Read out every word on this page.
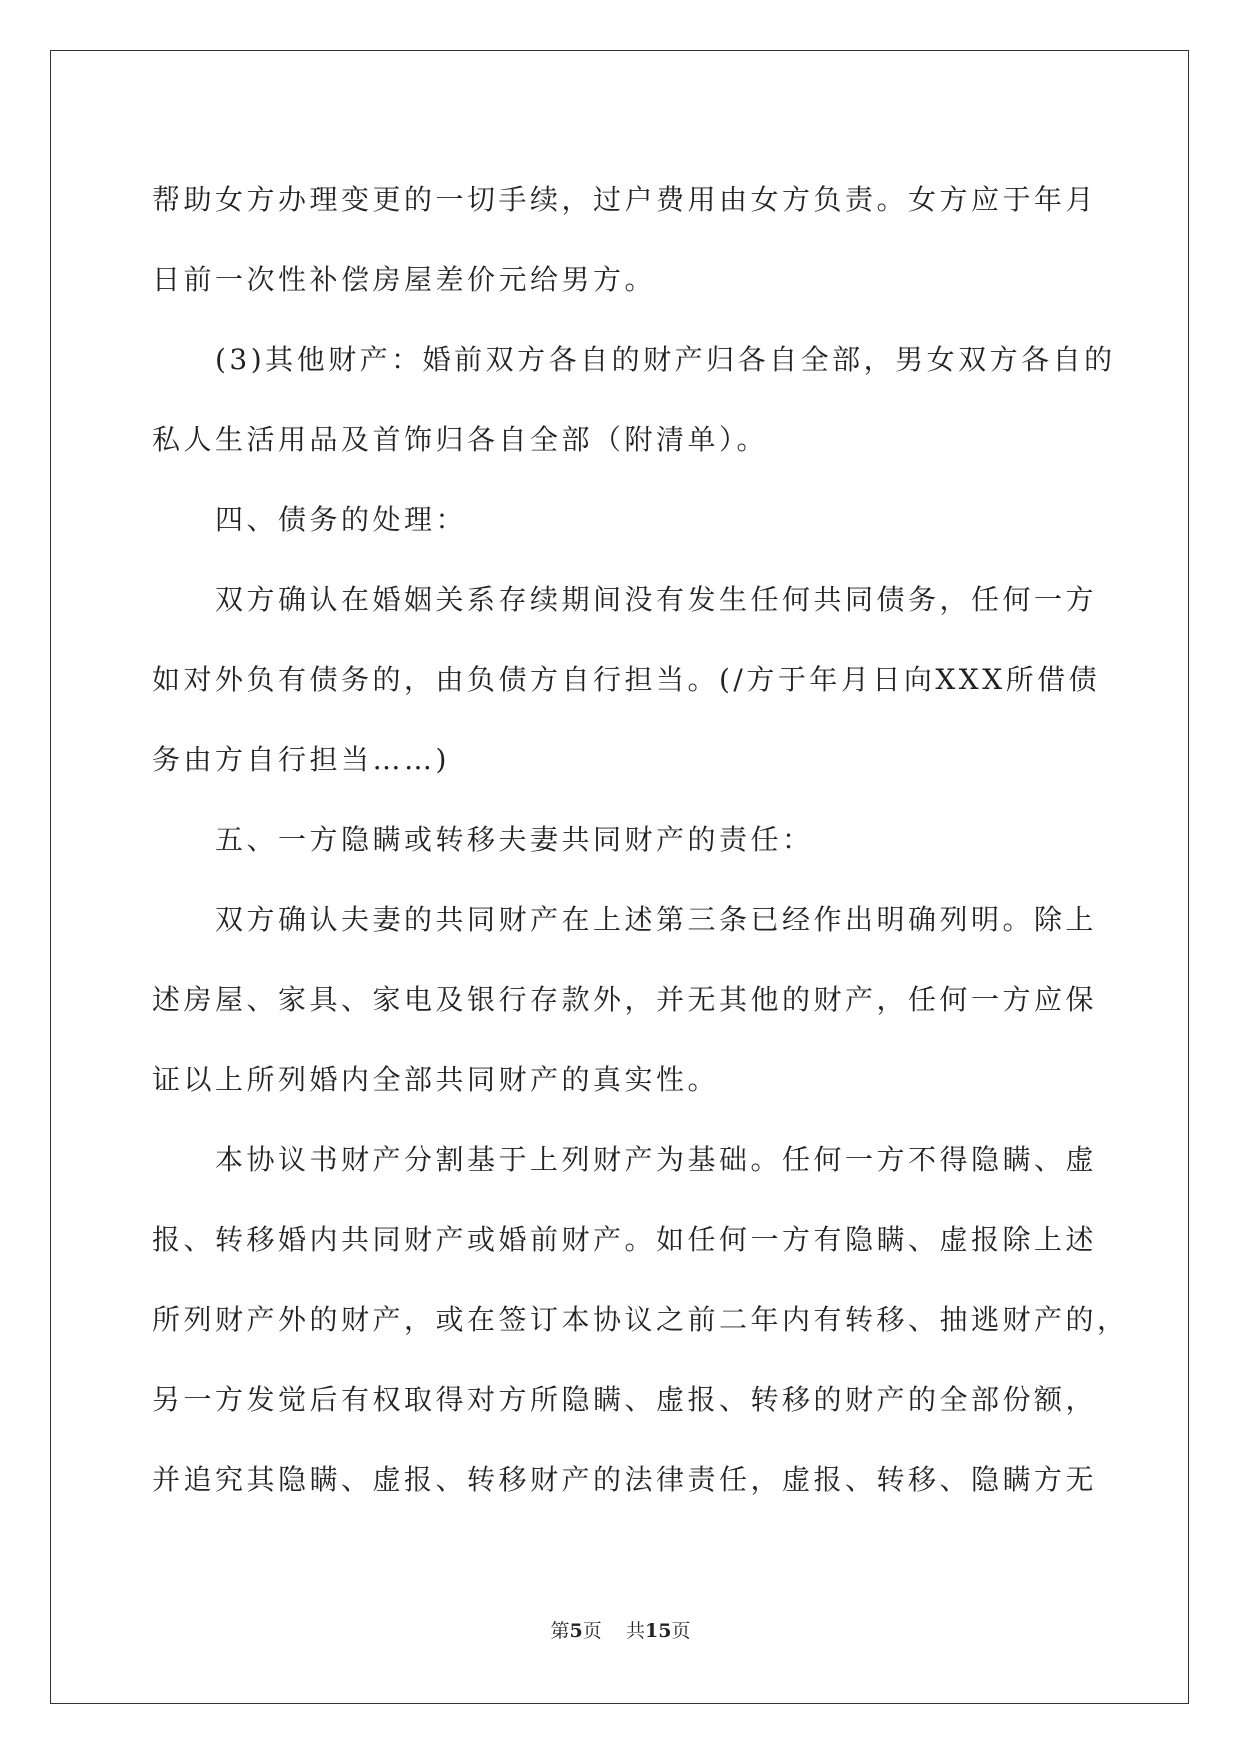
帮助女方办理变更的一切手续，过户费用由女方负责。女方应于年月
日前一次性补偿房屋差价元给男方。
(3)其他财产：婚前双方各自的财产归各自全部，男女双方各自的
私人生活用品及首饰归各自全部（附清单）。
四、债务的处理：
双方确认在婚姻关系存续期间没有发生任何共同债务，任何一方
如对外负有债务的，由负债方自行担当。(/方于年月日向XXX所借债
务由方自行担当……)
五、一方隐瞒或转移夫妻共同财产的责任：
双方确认夫妻的共同财产在上述第三条已经作出明确列明。除上
述房屋、家具、家电及银行存款外，并无其他的财产，任何一方应保
证以上所列婚内全部共同财产的真实性。
本协议书财产分割基于上列财产为基础。任何一方不得隐瞒、虚
报、转移婚内共同财产或婚前财产。如任何一方有隐瞒、虚报除上述
所列财产外的财产，或在签订本协议之前二年内有转移、抽逃财产的，
另一方发觉后有权取得对方所隐瞒、虚报、转移的财产的全部份额，
并追究其隐瞒、虚报、转移财产的法律责任，虚报、转移、隐瞒方无
第5页 共15页
